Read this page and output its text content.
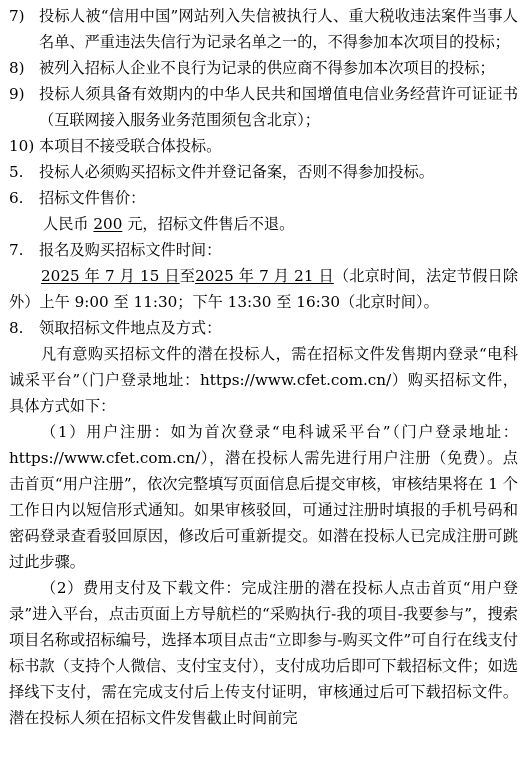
7) 投标人被“信用中国”网站列入失信被执行人、重大税收违法案件当事人名单、严重违法失信行为记录名单之一的，不得参加本次项目的投标；
8) 被列入招标人企业不良行为记录的供应商不得参加本次项目的投标；
9) 投标人须具备有效期内的中华人民共和国增值电信业务经营许可证证书（互联网接入服务业务范围须包含北京）；
10) 本项目不接受联合体投标。
5.	投标人必须购买招标文件并登记备案，否则不得参加投标。
6.	招标文件售价：

人民币 200 元，招标文件售后不退。

7.	报名及购买招标文件时间：

2025 年 7 月 15 日至2025 年 7 月 21 日（北京时间，法定节假日除外）上午 9:00 至 11:30；下午 13:30 至 16:30（北京时间）。

8.	领取招标文件地点及方式：

凡有意购买招标文件的潜在投标人，需在招标文件发售期内登录“电科诚采平台”（门户登录地址：https://www.cfet.com.cn/）购买招标文件，具体方式如下：

（1）用户注册：如为首次登录“电科诚采平台”（门户登录地址：https://www.cfet.com.cn/），潜在投标人需先进行用户注册（免费）。点击首页“用户注册”，依次完整填写页面信息后提交审核，审核结果将在 1 个工作日内以短信形式通知。如果审核驳回，可通过注册时填报的手机号码和密码登录查看驳回原因，修改后可重新提交。如潜在投标人已完成注册可跳过此步骤。

（2）费用支付及下载文件：完成注册的潜在投标人点击首页“用户登录”进入平台，点击页面上方导航栏的“采购执行-我的项目-我要参与”，搜索项目名称或招标编号，选择本项目点击“立即参与-购买文件”可自行在线支付标书款（支持个人微信、支付宝支付），支付成功后即可下载招标文件；如选择线下支付，需在完成支付后上传支付证明，审核通过后可下载招标文件。潜在投标人须在招标文件发售截止时间前完
